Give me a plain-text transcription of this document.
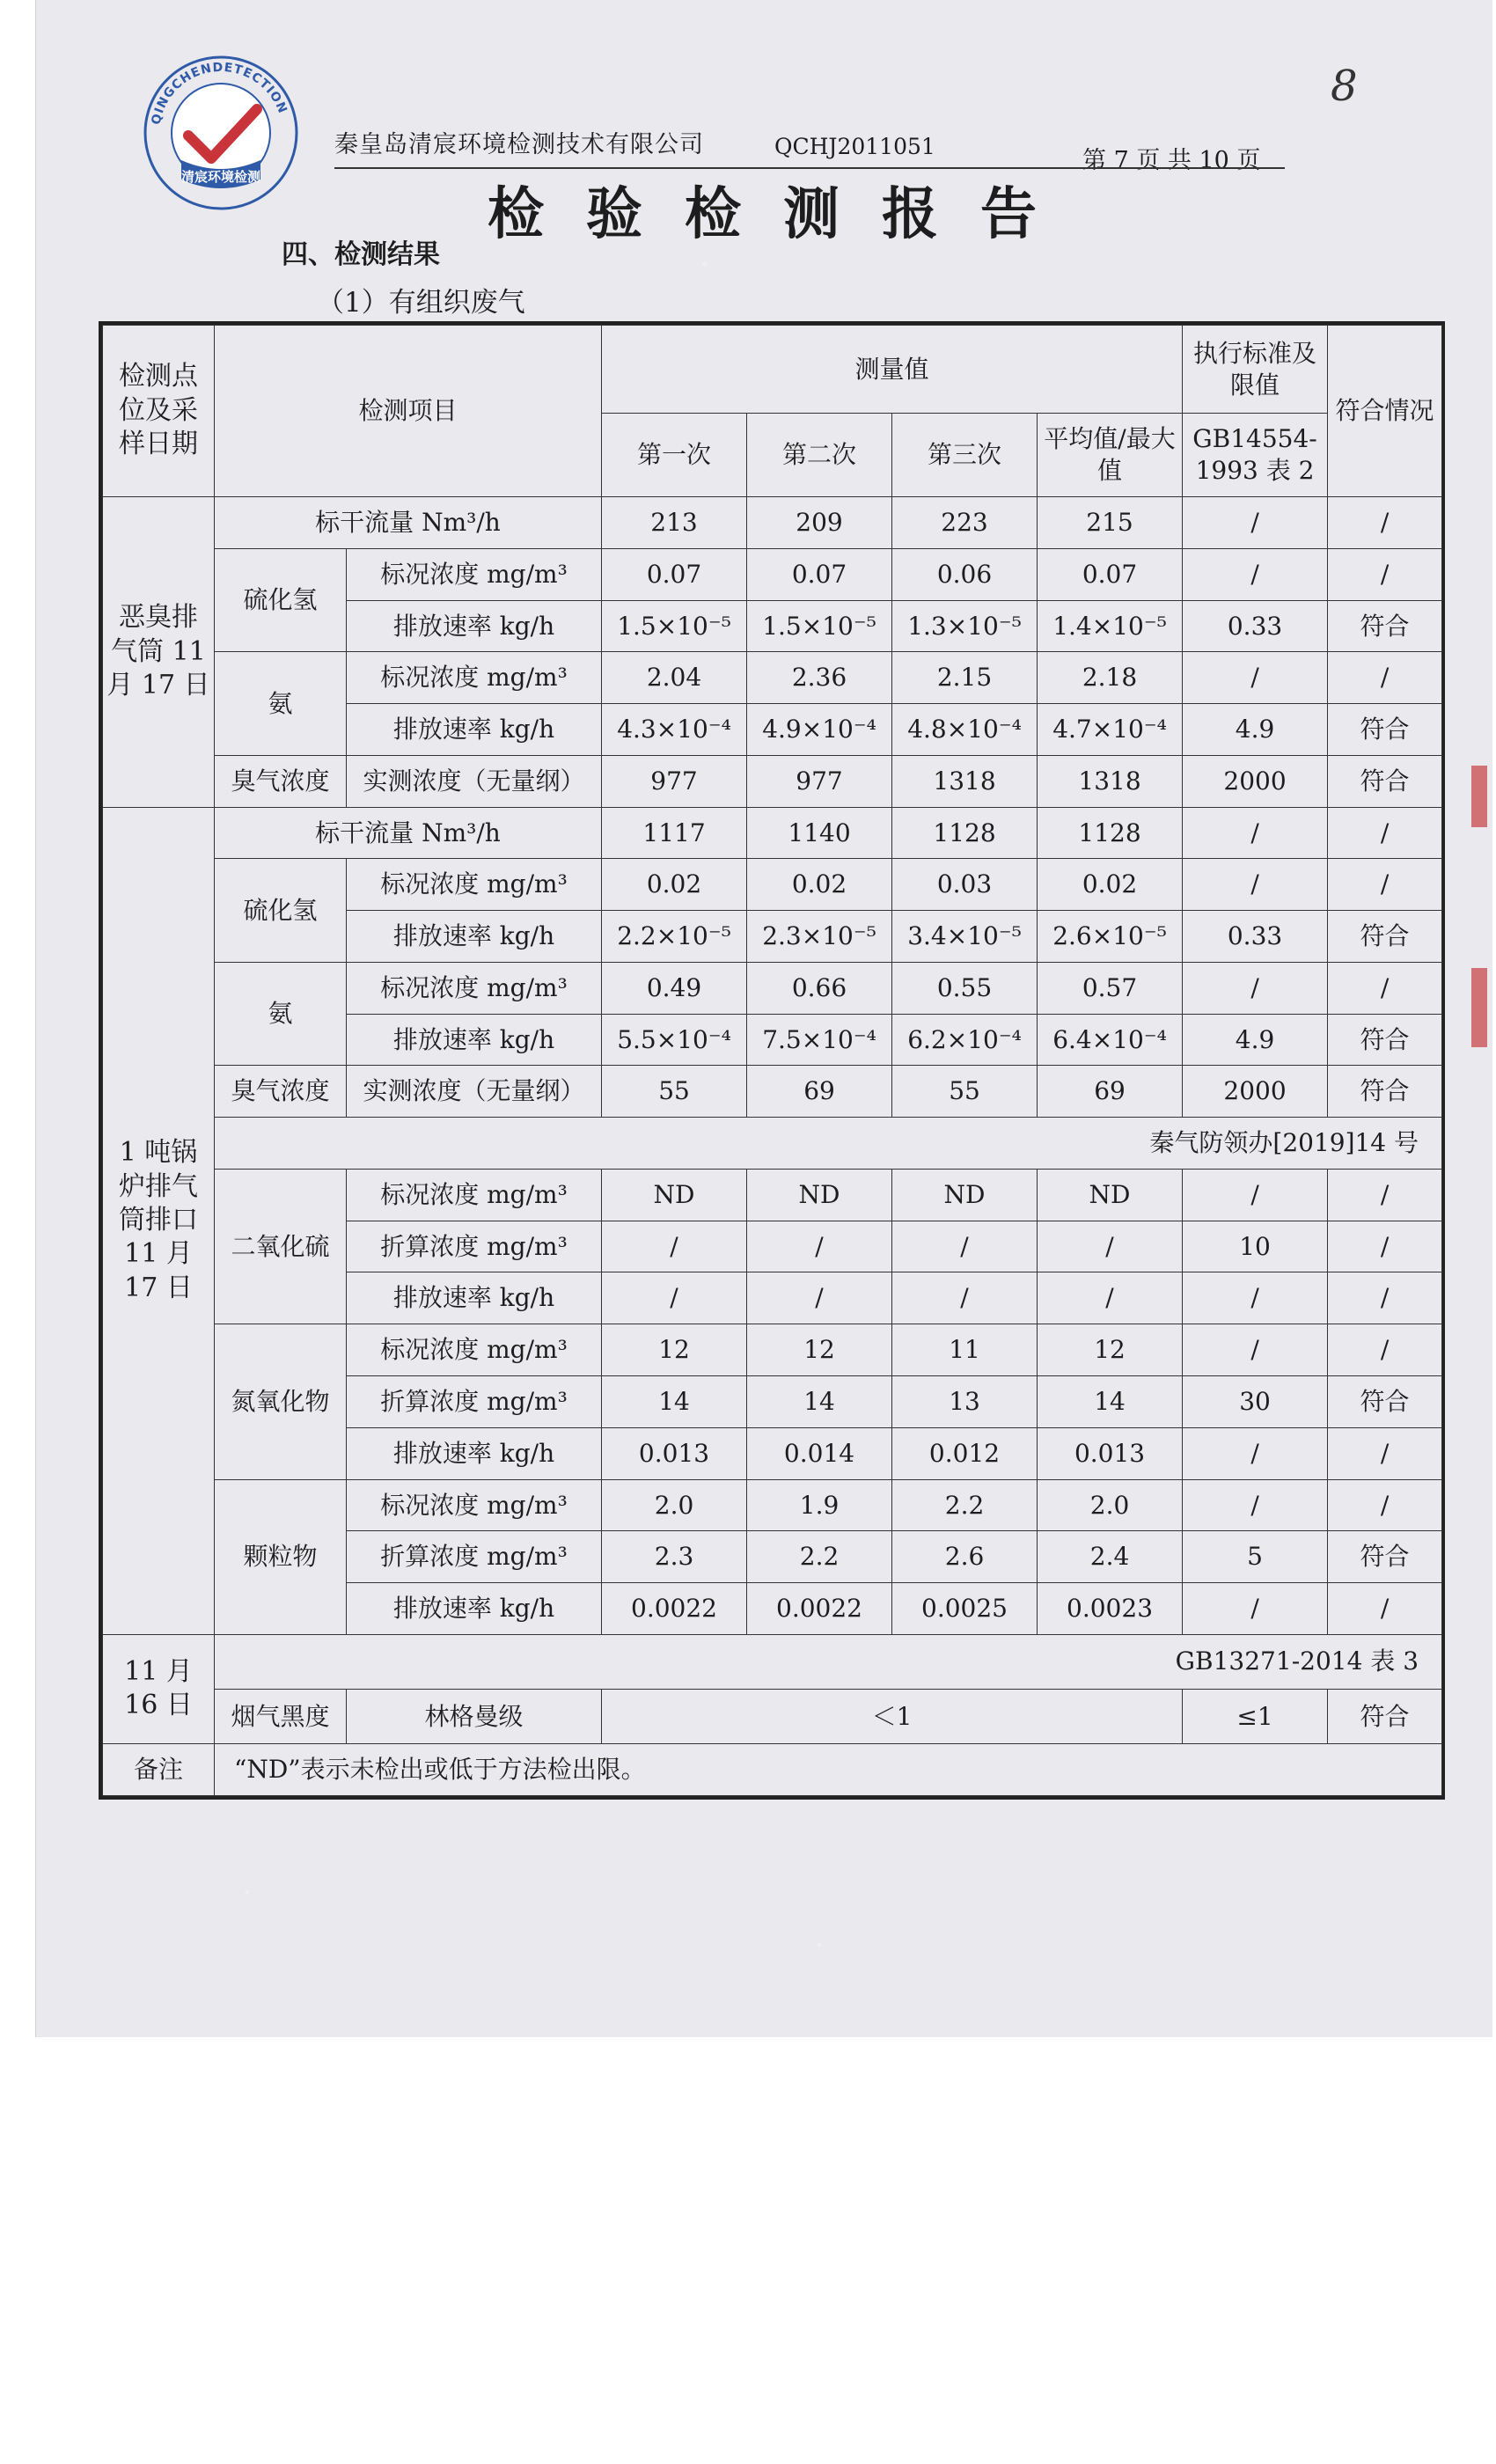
QINGCHENDETECTION
清宸环境检测
8
秦皇岛清宸环境检测技术有限公司	QCHJ2011051
第 7 页 共 10 页
检验检测报告
四、检测结果
（1）有组织废气
检测点位及采样日期	检测项目		测量值				执行标准及限值	符合情况
			第一次	第二次	第三次	平均值/最大值	GB14554-1993 表 2	
恶臭排气筒 11 月 17 日	标干流量 Nm³/h		213	209	223	215	/	/
	硫化氢	标况浓度 mg/m³	0.07	0.07	0.06	0.07	/	/
		排放速率 kg/h	1.5×10⁻⁵	1.5×10⁻⁵	1.3×10⁻⁵	1.4×10⁻⁵	0.33	符合
	氨	标况浓度 mg/m³	2.04	2.36	2.15	2.18	/	/
		排放速率 kg/h	4.3×10⁻⁴	4.9×10⁻⁴	4.8×10⁻⁴	4.7×10⁻⁴	4.9	符合
	臭气浓度	实测浓度（无量纲）	977	977	1318	1318	2000	符合
1 吨锅炉排气筒排口 11 月 17 日	标干流量 Nm³/h		1117	1140	1128	1128	/	/
	硫化氢	标况浓度 mg/m³	0.02	0.02	0.03	0.02	/	/
		排放速率 kg/h	2.2×10⁻⁵	2.3×10⁻⁵	3.4×10⁻⁵	2.6×10⁻⁵	0.33	符合
	氨	标况浓度 mg/m³	0.49	0.66	0.55	0.57	/	/
		排放速率 kg/h	5.5×10⁻⁴	7.5×10⁻⁴	6.2×10⁻⁴	6.4×10⁻⁴	4.9	符合
	臭气浓度	实测浓度（无量纲）	55	69	55	69	2000	符合
	秦气防领办[2019]14 号							
	二氧化硫	标况浓度 mg/m³	ND	ND	ND	ND	/	/
		折算浓度 mg/m³	/	/	/	/	10	/
		排放速率 kg/h	/	/	/	/	/	/
	氮氧化物	标况浓度 mg/m³	12	12	11	12	/	/
		折算浓度 mg/m³	14	14	13	14	30	符合
		排放速率 kg/h	0.013	0.014	0.012	0.013	/	/
	颗粒物	标况浓度 mg/m³	2.0	1.9	2.2	2.0	/	/
		折算浓度 mg/m³	2.3	2.2	2.6	2.4	5	符合
		排放速率 kg/h	0.0022	0.0022	0.0025	0.0023	/	/
11 月 16 日	GB13271-2014 表 3							
	烟气黑度	林格曼级	＜1				≤1	符合
备注	“ND”表示未检出或低于方法检出限。							
